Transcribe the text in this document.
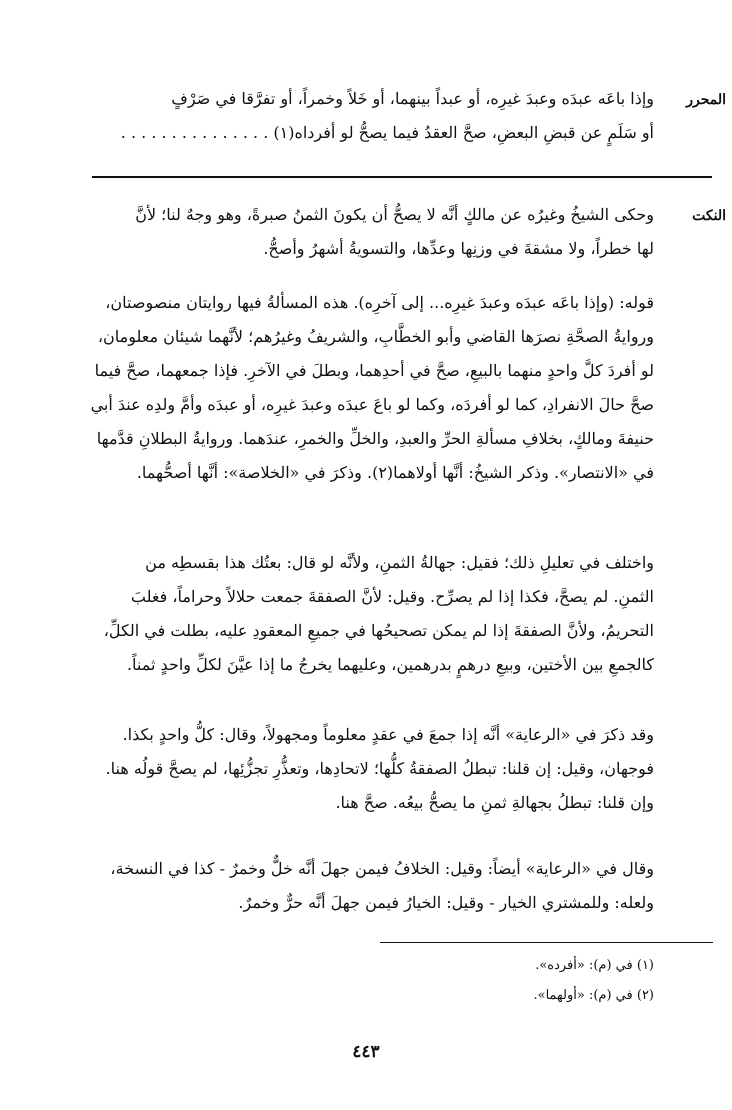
المحرر
وإذا باعَه عبدَه وعبدَ غيرِه، أو عبداً بينهما، أو خَلاً وخمراً، أو تفرَّقا في صَرْفٍ
أو سَلَمٍ عن قبضِ البعضِ، صحَّ العقدُ فيما يصحُّ لو أفرداه(١) . . . . . . . . . . . . . . .
النكت
وحكى الشيخُ وغيرُه عن مالكٍ أنَّه لا يصحُّ أن يكونَ الثمنُ صبرةً، وهو وجهٌ لنا؛ لأنَّ
لها خطراً، ولا مشقةَ في وزنِها وعدِّها، والتسويةُ أشهرُ وأصحُّ.
قوله: (وإذا باعَه عبدَه وعبدَ غيرِه... إلى آخرِه). هذه المسألةُ فيها روايتان منصوصتان،
وروايةُ الصحَّةِ نصرَها القاضي وأبو الخطَّابِ، والشريفُ وغيرُهم؛ لأنَّهما شيئان معلومان،
لو أفردَ كلَّ واحدٍ منهما بالبيعِ، صحَّ في أحدِهما، وبطلَ في الآخرِ. فإذا جمعهما، صحَّ فيما
صحَّ حالَ الانفرادِ، كما لو أفردَه، وكما لو باعَ عبدَه وعبدَ غيرِه، أو عبدَه وأمَّ ولدِه عندَ أبي
حنيفةَ ومالكٍ، بخلافِ مسألةِ الحرِّ والعبدِ، والخلِّ والخمرِ، عندَهما. وروايةُ البطلانِ قدَّمها
في «الانتصار». وذكر الشيخُ: أنَّها أولاهما(٢). وذكرَ في «الخلاصة»: أنَّها أصحُّهما.
واختلف في تعليلِ ذلك؛ فقيل: جهالةُ الثمنِ، ولأنَّه لو قال: بعتُك هذا بقسطِه من
الثمنِ. لم يصحَّ، فكذا إذا لم يصرِّح. وقيل: لأنَّ الصفقةَ جمعت حلالاً وحراماً، فغلبَ
التحريمُ، ولأنَّ الصفقةَ إذا لم يمكن تصحيحُها في جميعِ المعقودِ عليه، بطلت في الكلِّ،
كالجمعِ بين الأختين، وبيعِ درهمٍ بدرهمين، وعليهما يخرجُ ما إذا عيَّنَ لكلِّ واحدٍ ثمناً.
وقد ذكرَ في «الرعاية» أنَّه إذا جمعَ في عقدٍ معلوماً ومجهولاً، وقال: كلُّ واحدٍ بكذا.
فوجهان، وقيل: إن قلنا: تبطلُ الصفقةُ كلُّها؛ لاتحادِها، وتعذُّرِ تجزُّئِها، لم يصحَّ قولُه هنا.
وإن قلنا: تبطلُ بجهالةِ ثمنِ ما يصحُّ بيعُه. صحَّ هنا.
وقال في «الرعاية» أيضاً: وقيل: الخلافُ فيمن جهلَ أنَّه خلٌّ وخمرٌ - كذا في النسخة،
ولعله: وللمشتري الخيار - وقيل: الخيارُ فيمن جهلَ أنَّه حرٌّ وخمرٌ.
(١) في (م): «أفرده».
(٢) في (م): «أولهما».
٤٤٣
